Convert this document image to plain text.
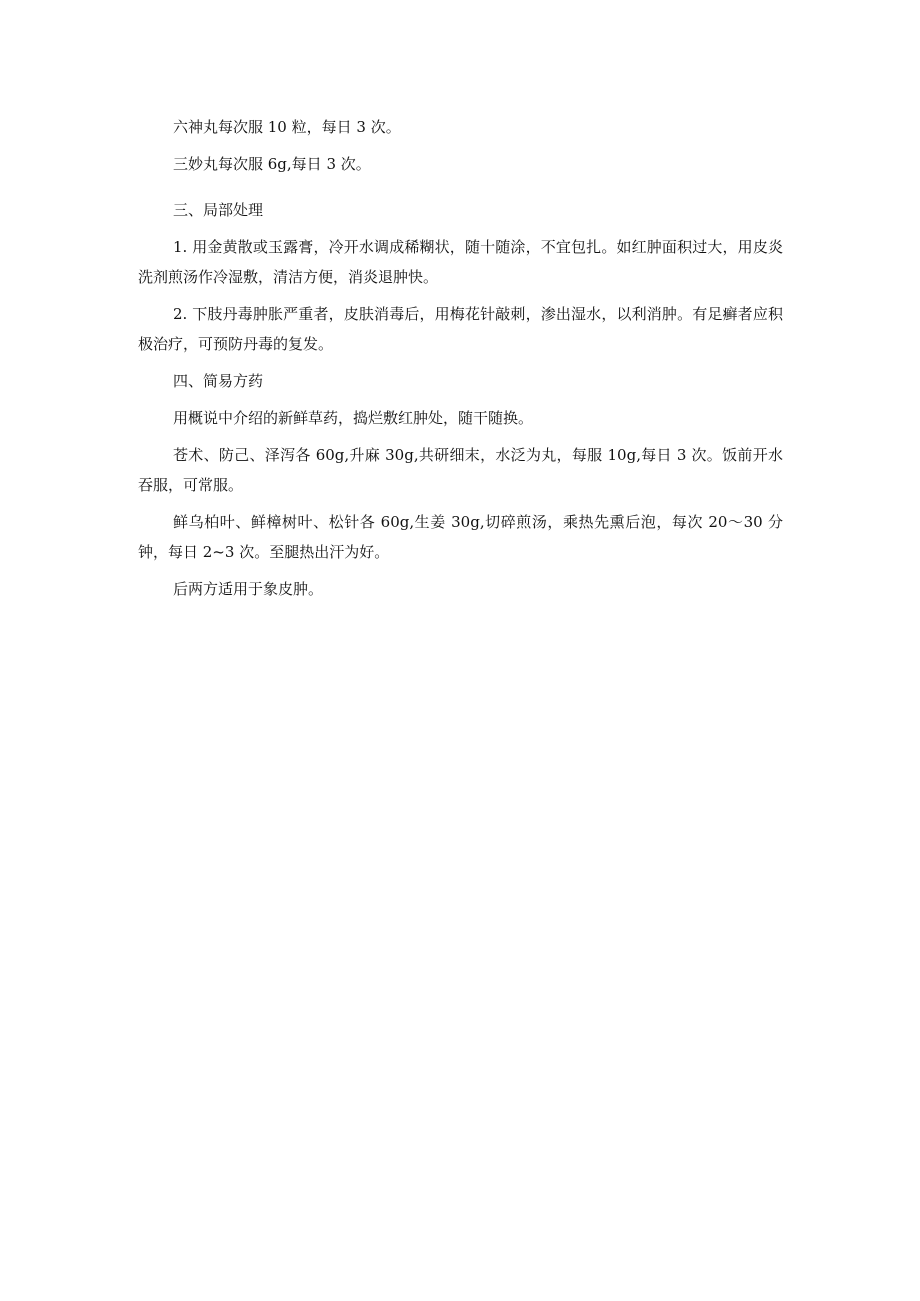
六神丸每次服 10 粒，每日 3 次。

三妙丸每次服 6g,每日 3 次。

三、局部处理

1. 用金黄散或玉露膏，冷开水调成稀糊状，随十随涂，不宜包扎。如红肿面积过大，用皮炎洗剂煎汤作冷湿敷，清洁方便，消炎退肿快。

2. 下肢丹毒肿胀严重者，皮肤消毒后，用梅花针敲刺，渗出湿水，以利消肿。有足癣者应积极治疗，可预防丹毒的复发。

四、简易方药

用概说中介绍的新鲜草药，捣烂敷红肿处，随干随换。

苍术、防己、泽泻各 60g,升麻 30g,共研细末，水泛为丸，每服 10g,每日 3 次。饭前开水吞服，可常服。

鲜乌柏叶、鲜樟树叶、松针各 60g,生姜 30g,切碎煎汤，乘热先熏后泡，每次 20～30 分钟，每日 2~3 次。至腿热出汗为好。

后两方适用于象皮肿。
